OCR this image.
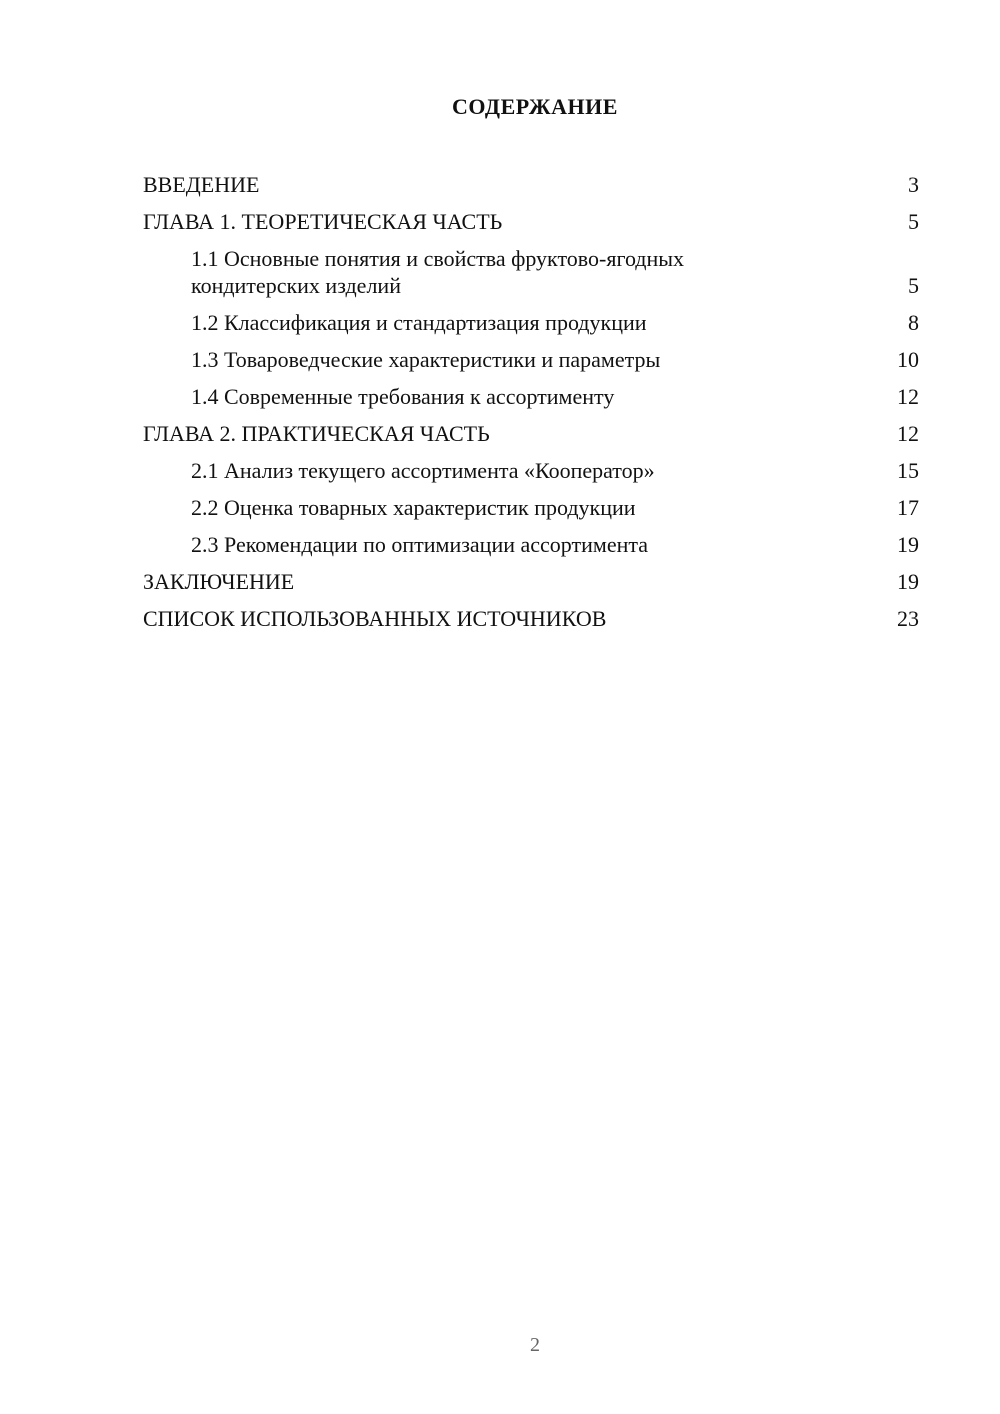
СОДЕРЖАНИЕ
ВВЕДЕНИЕ	3
ГЛАВА 1. ТЕОРЕТИЧЕСКАЯ ЧАСТЬ	5
1.1 Основные понятия и свойства фруктово-ягодных кондитерских изделий	5
1.2 Классификация и стандартизация продукции	8
1.3 Товароведческие характеристики и параметры	10
1.4 Современные требования к ассортименту	12
ГЛАВА 2. ПРАКТИЧЕСКАЯ ЧАСТЬ	12
2.1 Анализ текущего ассортимента «Кооператор»	15
2.2 Оценка товарных характеристик продукции	17
2.3 Рекомендации по оптимизации ассортимента	19
ЗАКЛЮЧЕНИЕ	19
СПИСОК ИСПОЛЬЗОВАННЫХ ИСТОЧНИКОВ	23
2
